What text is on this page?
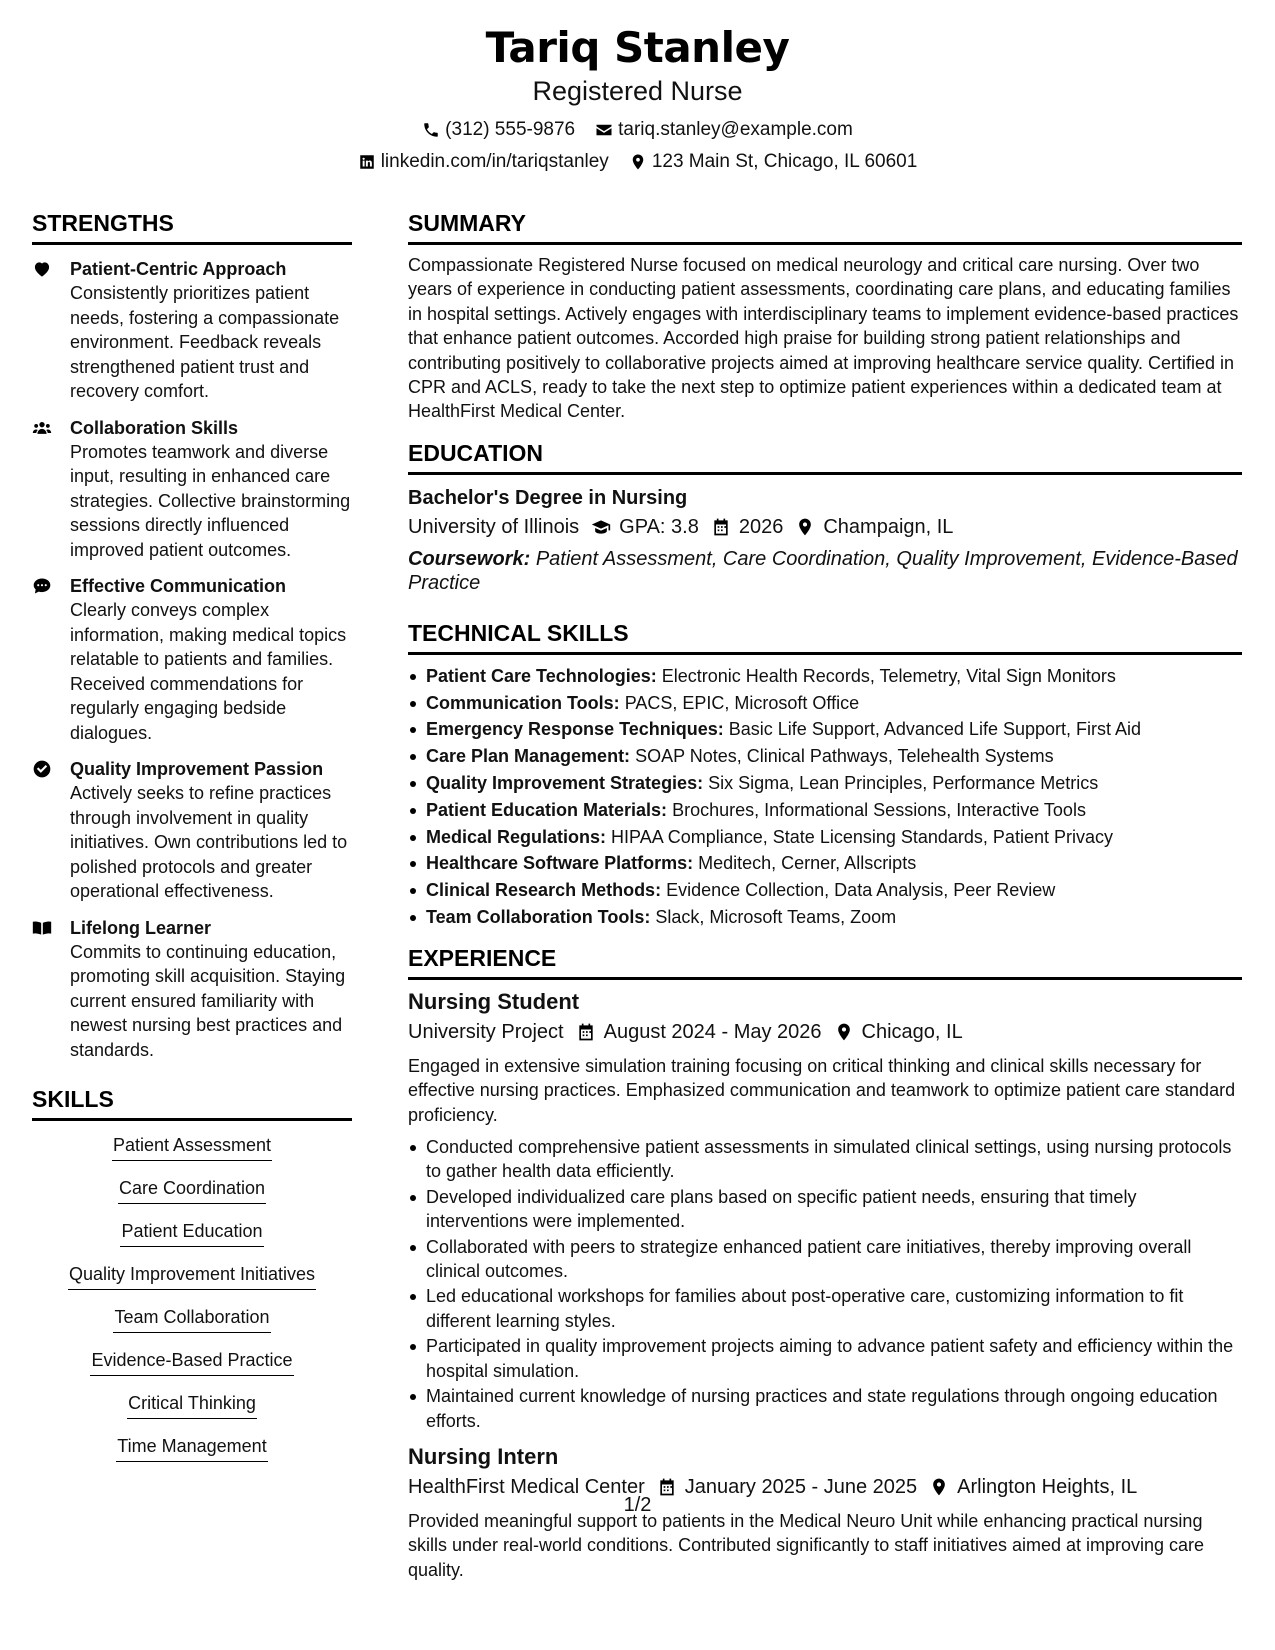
Tariq Stanley
Registered Nurse
(312) 555-9876 tariq.stanley@example.com
linkedin.com/in/tariqstanley 123 Main St, Chicago, IL 60601
STRENGTHS
Patient-Centric Approach
Consistently prioritizes patient needs, fostering a compassionate environment. Feedback reveals strengthened patient trust and recovery comfort.
Collaboration Skills
Promotes teamwork and diverse input, resulting in enhanced care strategies. Collective brainstorming sessions directly influenced improved patient outcomes.
Effective Communication
Clearly conveys complex information, making medical topics relatable to patients and families. Received commendations for regularly engaging bedside dialogues.
Quality Improvement Passion
Actively seeks to refine practices through involvement in quality initiatives. Own contributions led to polished protocols and greater operational effectiveness.
Lifelong Learner
Commits to continuing education, promoting skill acquisition. Staying current ensured familiarity with newest nursing best practices and standards.
SKILLS
Patient Assessment
Care Coordination
Patient Education
Quality Improvement Initiatives
Team Collaboration
Evidence-Based Practice
Critical Thinking
Time Management
SUMMARY
Compassionate Registered Nurse focused on medical neurology and critical care nursing. Over two years of experience in conducting patient assessments, coordinating care plans, and educating families in hospital settings. Actively engages with interdisciplinary teams to implement evidence-based practices that enhance patient outcomes. Accorded high praise for building strong patient relationships and contributing positively to collaborative projects aimed at improving healthcare service quality. Certified in CPR and ACLS, ready to take the next step to optimize patient experiences within a dedicated team at HealthFirst Medical Center.
EDUCATION
Bachelor's Degree in Nursing
University of Illinois GPA: 3.8 2026 Champaign, IL
Coursework: Patient Assessment, Care Coordination, Quality Improvement, Evidence-Based Practice
TECHNICAL SKILLS
Patient Care Technologies: Electronic Health Records, Telemetry, Vital Sign Monitors
Communication Tools: PACS, EPIC, Microsoft Office
Emergency Response Techniques: Basic Life Support, Advanced Life Support, First Aid
Care Plan Management: SOAP Notes, Clinical Pathways, Telehealth Systems
Quality Improvement Strategies: Six Sigma, Lean Principles, Performance Metrics
Patient Education Materials: Brochures, Informational Sessions, Interactive Tools
Medical Regulations: HIPAA Compliance, State Licensing Standards, Patient Privacy
Healthcare Software Platforms: Meditech, Cerner, Allscripts
Clinical Research Methods: Evidence Collection, Data Analysis, Peer Review
Team Collaboration Tools: Slack, Microsoft Teams, Zoom
EXPERIENCE
Nursing Student
University Project August 2024 - May 2026 Chicago, IL
Engaged in extensive simulation training focusing on critical thinking and clinical skills necessary for effective nursing practices. Emphasized communication and teamwork to optimize patient care standard proficiency.
Conducted comprehensive patient assessments in simulated clinical settings, using nursing protocols to gather health data efficiently.
Developed individualized care plans based on specific patient needs, ensuring that timely interventions were implemented.
Collaborated with peers to strategize enhanced patient care initiatives, thereby improving overall clinical outcomes.
Led educational workshops for families about post-operative care, customizing information to fit different learning styles.
Participated in quality improvement projects aiming to advance patient safety and efficiency within the hospital simulation.
Maintained current knowledge of nursing practices and state regulations through ongoing education efforts.
Nursing Intern
HealthFirst Medical Center January 2025 - June 2025 Arlington Heights, IL
Provided meaningful support to patients in the Medical Neuro Unit while enhancing practical nursing skills under real-world conditions. Contributed significantly to staff initiatives aimed at improving care quality.
1/2
